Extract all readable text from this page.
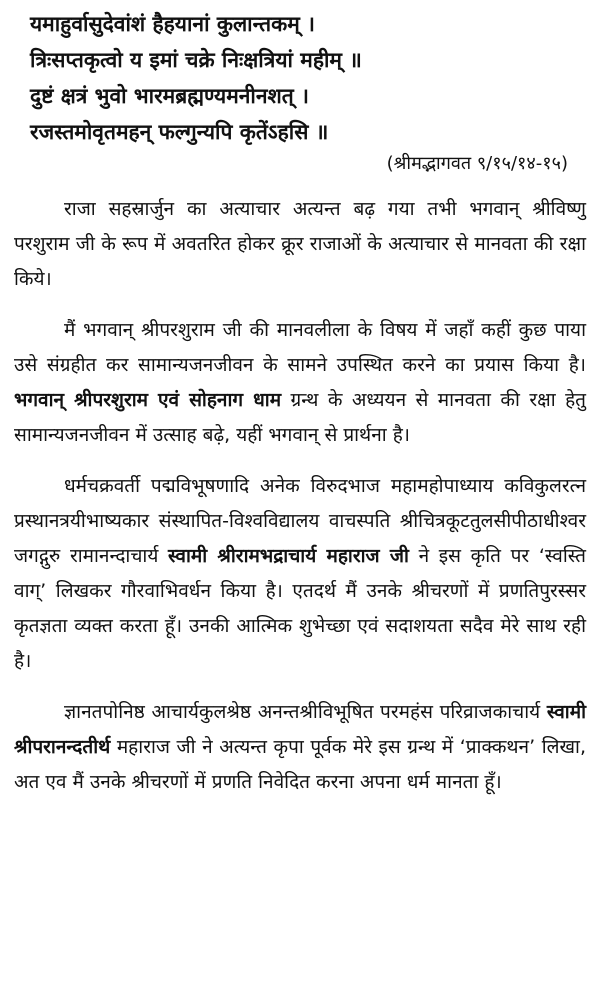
यमाहुर्वासुदेवांशं हैहयानां कुलान्तकम् ।
त्रिःसप्तकृत्वो य इमां चक्रे निःक्षत्रियां महीम् ॥
दुष्टं क्षत्रं भुवो भारमब्रह्मण्यमनीनशत् ।
रजस्तमोवृतमहन् फल्गुन्यपि कृतेंऽहसि ॥
(श्रीमद्भागवत ९/१५/१४-१५)

राजा सहस्रार्जुन का अत्याचार अत्यन्त बढ़ गया तभी भगवान् श्रीविष्णु परशुराम जी के रूप में अवतरित होकर क्रूर राजाओं के अत्याचार से मानवता की रक्षा किये।

मैं भगवान् श्रीपरशुराम जी की मानवलीला के विषय में जहाँ कहीं कुछ पाया उसे संग्रहीत कर सामान्यजनजीवन के सामने उपस्थित करने का प्रयास किया है। भगवान् श्रीपरशुराम एवं सोहनाग धाम ग्रन्थ के अध्ययन से मानवता की रक्षा हेतु सामान्यजनजीवन में उत्साह बढ़े, यहीं भगवान् से प्रार्थना है।

धर्मचक्रवर्ती पद्मविभूषणादि अनेक विरुदभाज महामहोपाध्याय कविकुलरत्न प्रस्थानत्रयीभाष्यकार संस्थापित-विश्वविद्यालय वाचस्पति श्रीचित्रकूटतुलसीपीठाधीश्वर जगद्गुरु रामानन्दाचार्य स्वामी श्रीरामभद्राचार्य महाराज जी ने इस कृति पर ‘स्वस्ति वाग्’ लिखकर गौरवाभिवर्धन किया है। एतदर्थ मैं उनके श्रीचरणों में प्रणतिपुरस्सर कृतज्ञता व्यक्त करता हूँ। उनकी आत्मिक शुभेच्छा एवं सदाशयता सदैव मेरे साथ रही है।

ज्ञानतपोनिष्ठ आचार्यकुलश्रेष्ठ अनन्तश्रीविभूषित परमहंस परिव्राजकाचार्य स्वामी श्रीपरानन्दतीर्थ महाराज जी ने अत्यन्त कृपा पूर्वक मेरे इस ग्रन्थ में ‘प्राक्कथन’ लिखा, अत एव मैं उनके श्रीचरणों में प्रणति निवेदित करना अपना धर्म मानता हूँ।
